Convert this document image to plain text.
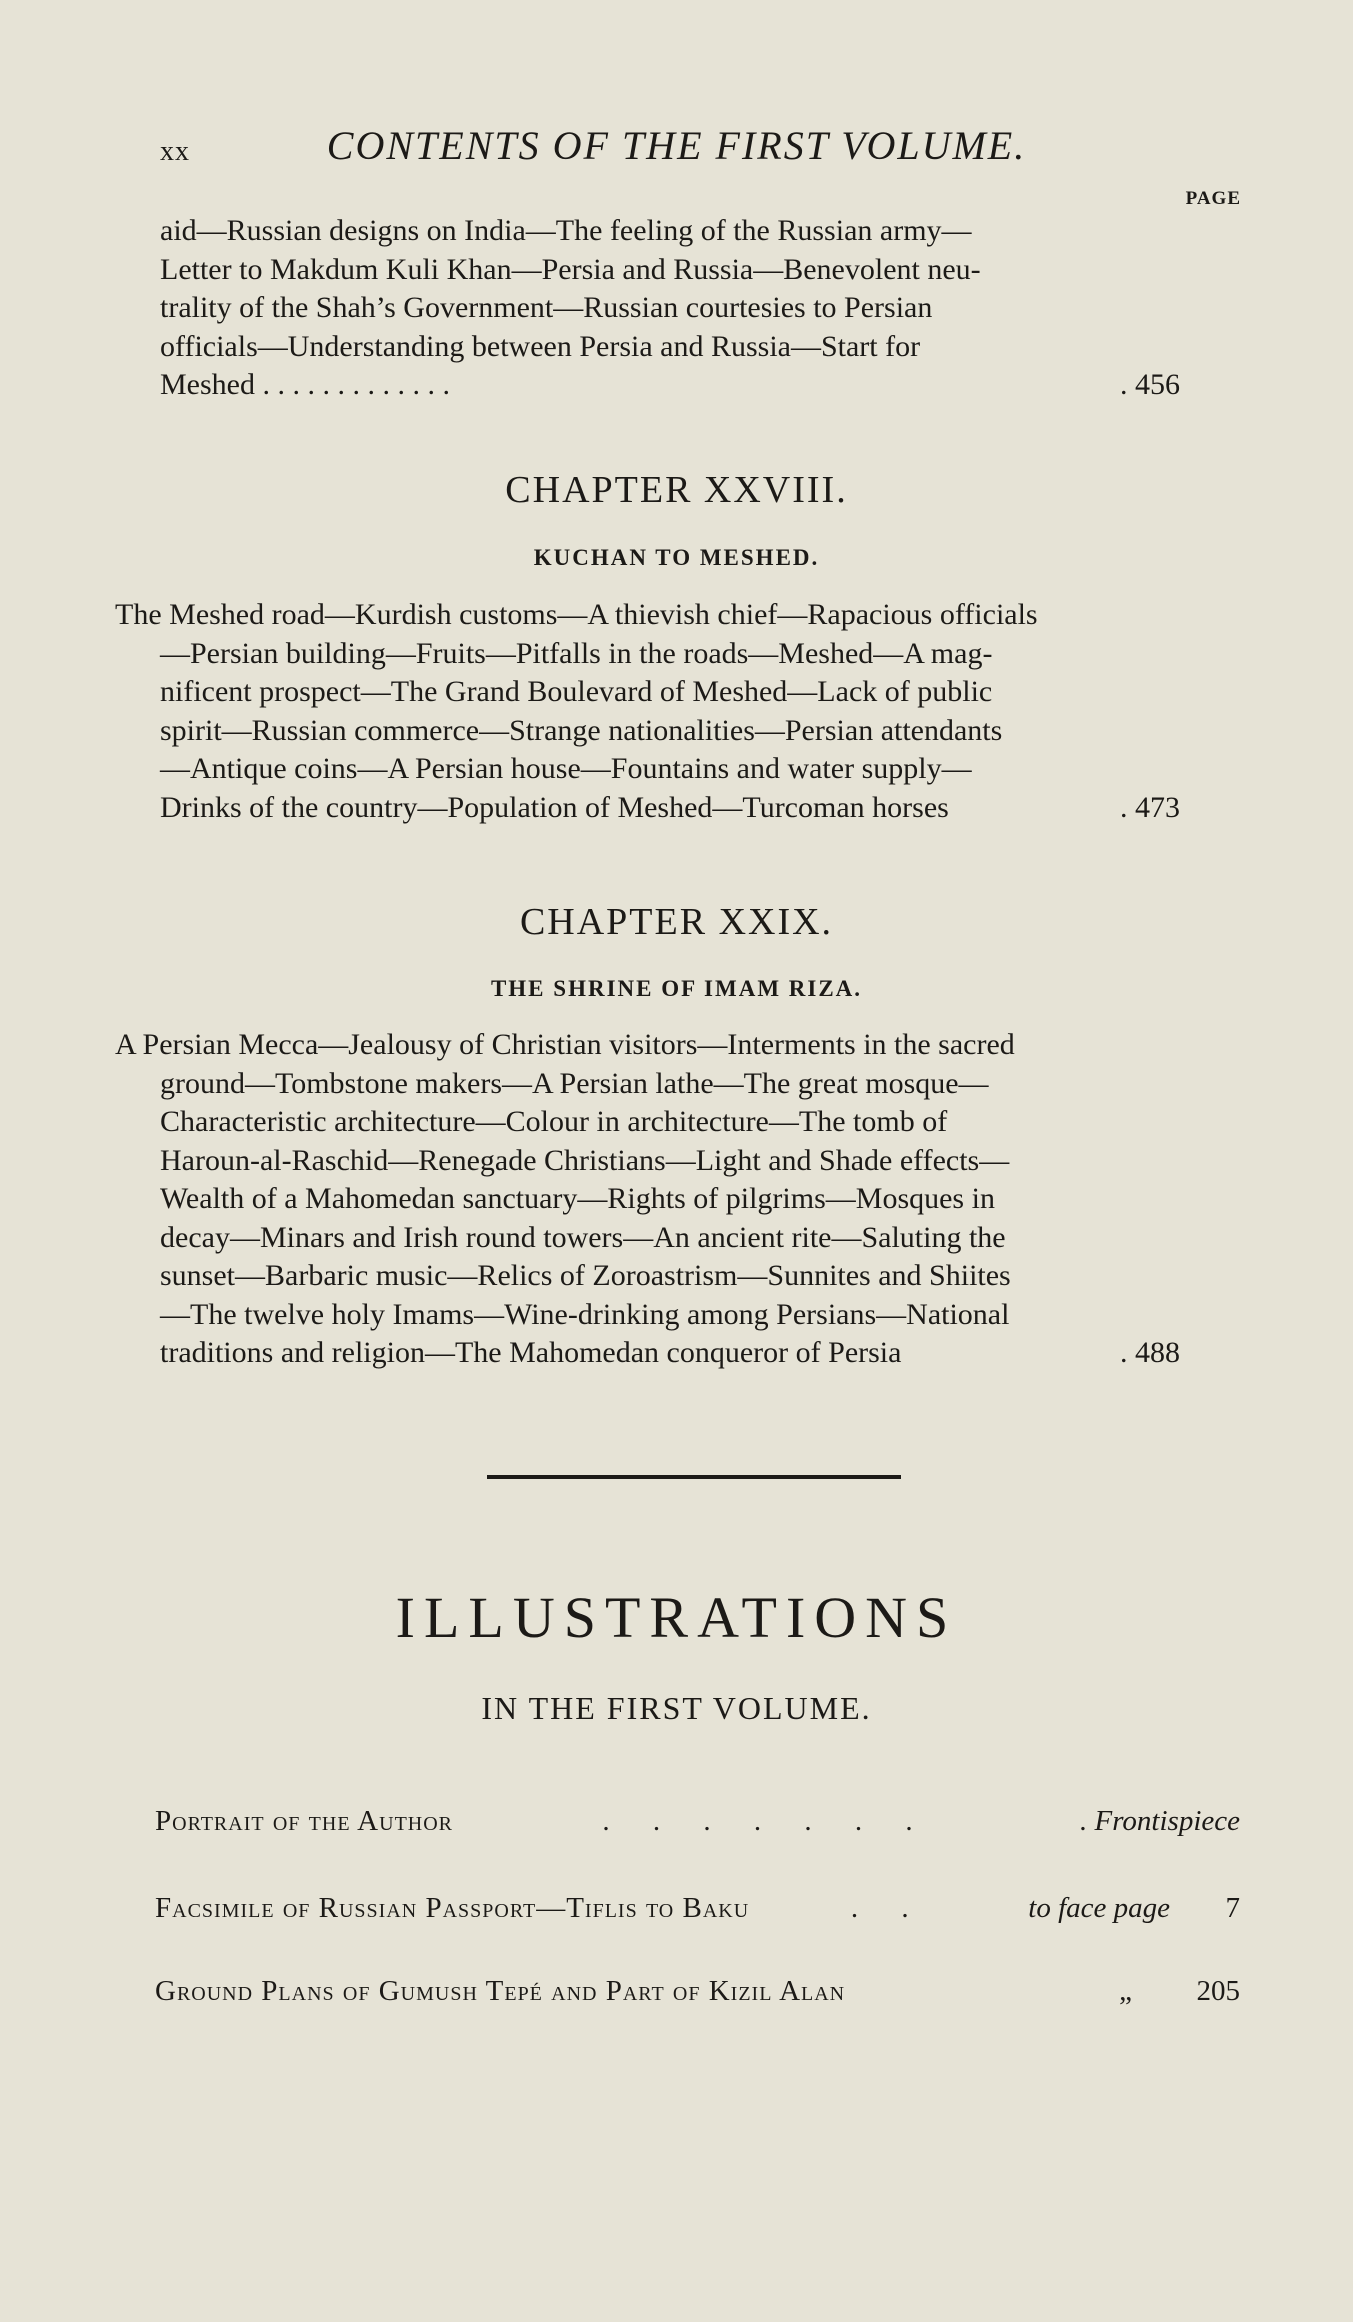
xx	CONTENTS OF THE FIRST VOLUME.
PAGE
aid—Russian designs on India—The feeling of the Russian army—
Letter to Makdum Kuli Khan—Persia and Russia—Benevolent neu-
trality of the Shah’s Government—Russian courtesies to Persian
officials—Understanding between Persia and Russia—Start for
Meshed . . . . . . . . . . . . .	. 456
CHAPTER XXVIII.
KUCHAN TO MESHED.
The Meshed road—Kurdish customs—A thievish chief—Rapacious officials
—Persian building—Fruits—Pitfalls in the roads—Meshed—A mag-
nificent prospect—The Grand Boulevard of Meshed—Lack of public
spirit—Russian commerce—Strange nationalities—Persian attendants
—Antique coins—A Persian house—Fountains and water supply—
Drinks of the country—Population of Meshed—Turcoman horses	. 473
CHAPTER XXIX.
THE SHRINE OF IMAM RIZA.
A Persian Mecca—Jealousy of Christian visitors—Interments in the sacred
ground—Tombstone makers—A Persian lathe—The great mosque—
Characteristic architecture—Colour in architecture—The tomb of
Haroun-al-Raschid—Renegade Christians—Light and Shade effects—
Wealth of a Mahomedan sanctuary—Rights of pilgrims—Mosques in
decay—Minars and Irish round towers—An ancient rite—Saluting the
sunset—Barbaric music—Relics of Zoroastrism—Sunnites and Shiites
—The twelve holy Imams—Wine-drinking among Persians—National
traditions and religion—The Mahomedan conqueror of Persia	. 488
ILLUSTRATIONS
IN THE FIRST VOLUME.
Portrait of the Author	. . . . . . .	. Frontispiece
Facsimile of Russian Passport—Tiflis to Baku	. .	to face page	7
Ground Plans of Gumush Tepé and Part of Kizil Alan	„	205
